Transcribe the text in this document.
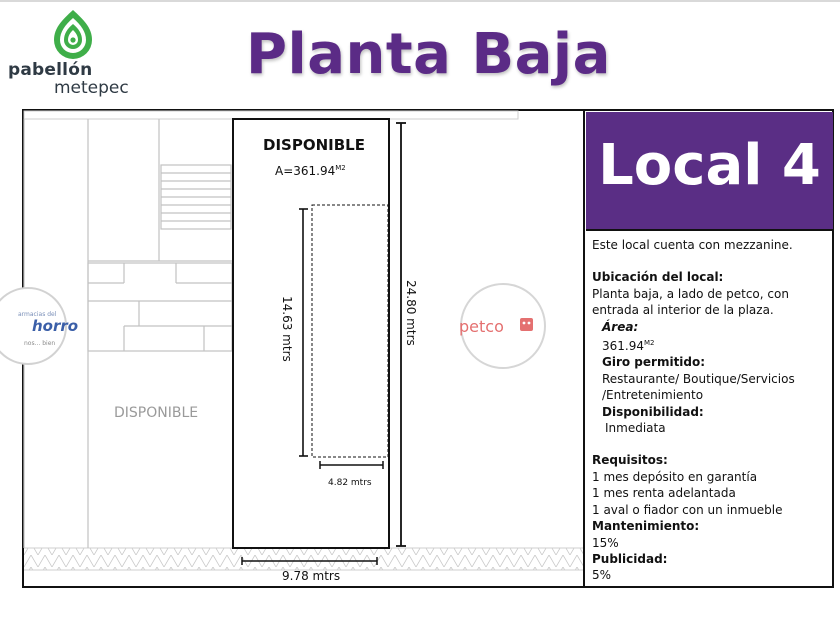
pabellón
metepec
Planta Baja
armacias del
horro
nos... bien
DISPONIBLE
DISPONIBLE
$A=361.94^{M2}$
14.63 mtrs	24.80 mtrs
4.82 mtrs
9.78 mtrs
petco
Local 4

Este local cuenta con mezzanine.

Ubicación del local:

Planta baja, a lado de petco, con entrada al interior de la plaza.

Área:

$361.94^{M2}$

Giro permitido:

Restaurante/ Boutique/Servicios

/Entretenimiento

Disponibilidad:

Inmediata

Requisitos:

1 mes depósito en garantía

1 mes renta adelantada

1 aval o fiador con un inmueble

Mantenimiento:

15%

Publicidad:

5%
